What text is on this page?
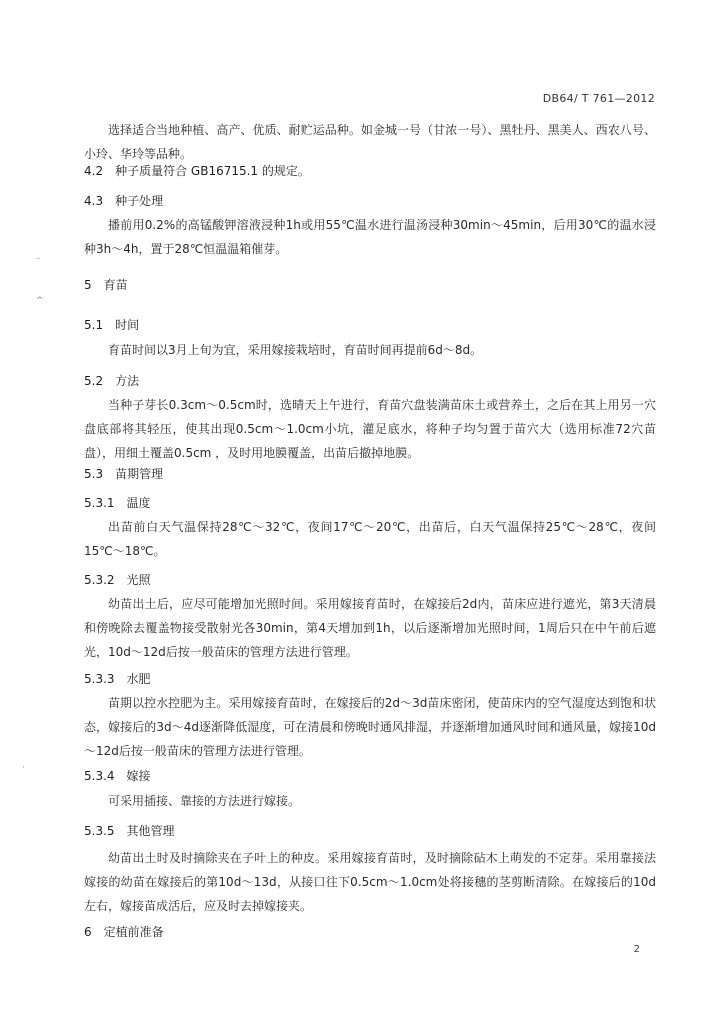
DB64/ T 761—2012
选择适合当地种植、高产、优质、耐贮运品种。如金城一号（甘浓一号）、黑牡丹、黑美人、西农八号、小玲、华玲等品种。
4.2 种子质量符合 GB16715.1 的规定。
4.3 种子处理
播前用0.2%的高锰酸钾溶液浸种1h或用55℃温水进行温汤浸种30min～45min，后用30℃的温水浸种3h～4h，置于28℃恒温温箱催芽。
˘
^
5 育苗
5.1 时间
育苗时间以3月上旬为宜，采用嫁接栽培时，育苗时间再提前6d～8d。
5.2 方法
当种子芽长0.3cm～0.5cm时，选晴天上午进行，育苗穴盘装满苗床土或营养土，之后在其上用另一穴盘底部将其轻压，使其出现0.5cm～1.0cm小坑，灌足底水，将种子均匀置于苗穴大（选用标准72穴苗盘），用细土覆盖0.5cm ，及时用地膜覆盖，出苗后撤掉地膜。
5.3 苗期管理
5.3.1 温度
出苗前白天气温保持28℃～32℃，夜间17℃～20℃，出苗后，白天气温保持25℃～28℃，夜间15℃～18℃。
5.3.2 光照
幼苗出土后，应尽可能增加光照时间。采用嫁接育苗时，在嫁接后2d内，苗床应进行遮光，第3天清晨和傍晚除去覆盖物接受散射光各30min，第4天增加到1h，以后逐渐增加光照时间，1周后只在中午前后遮光，10d～12d后按一般苗床的管理方法进行管理。
5.3.3 水肥
苗期以控水控肥为主。采用嫁接育苗时，在嫁接后的2d～3d苗床密闭，使苗床内的空气湿度达到饱和状态，嫁接后的3d～4d逐渐降低湿度，可在清晨和傍晚时通风排湿，并逐渐增加通风时间和通风量，嫁接10d～12d后按一般苗床的管理方法进行管理。
·
5.3.4 嫁接
可采用插接、靠接的方法进行嫁接。
5.3.5 其他管理
幼苗出土时及时摘除夹在子叶上的种皮。采用嫁接育苗时，及时摘除砧木上萌发的不定芽。采用靠接法嫁接的幼苗在嫁接后的第10d～13d，从接口往下0.5cm～1.0cm处将接穗的茎剪断清除。在嫁接后的10d左右，嫁接苗成活后，应及时去掉嫁接夹。
6 定植前准备
2
